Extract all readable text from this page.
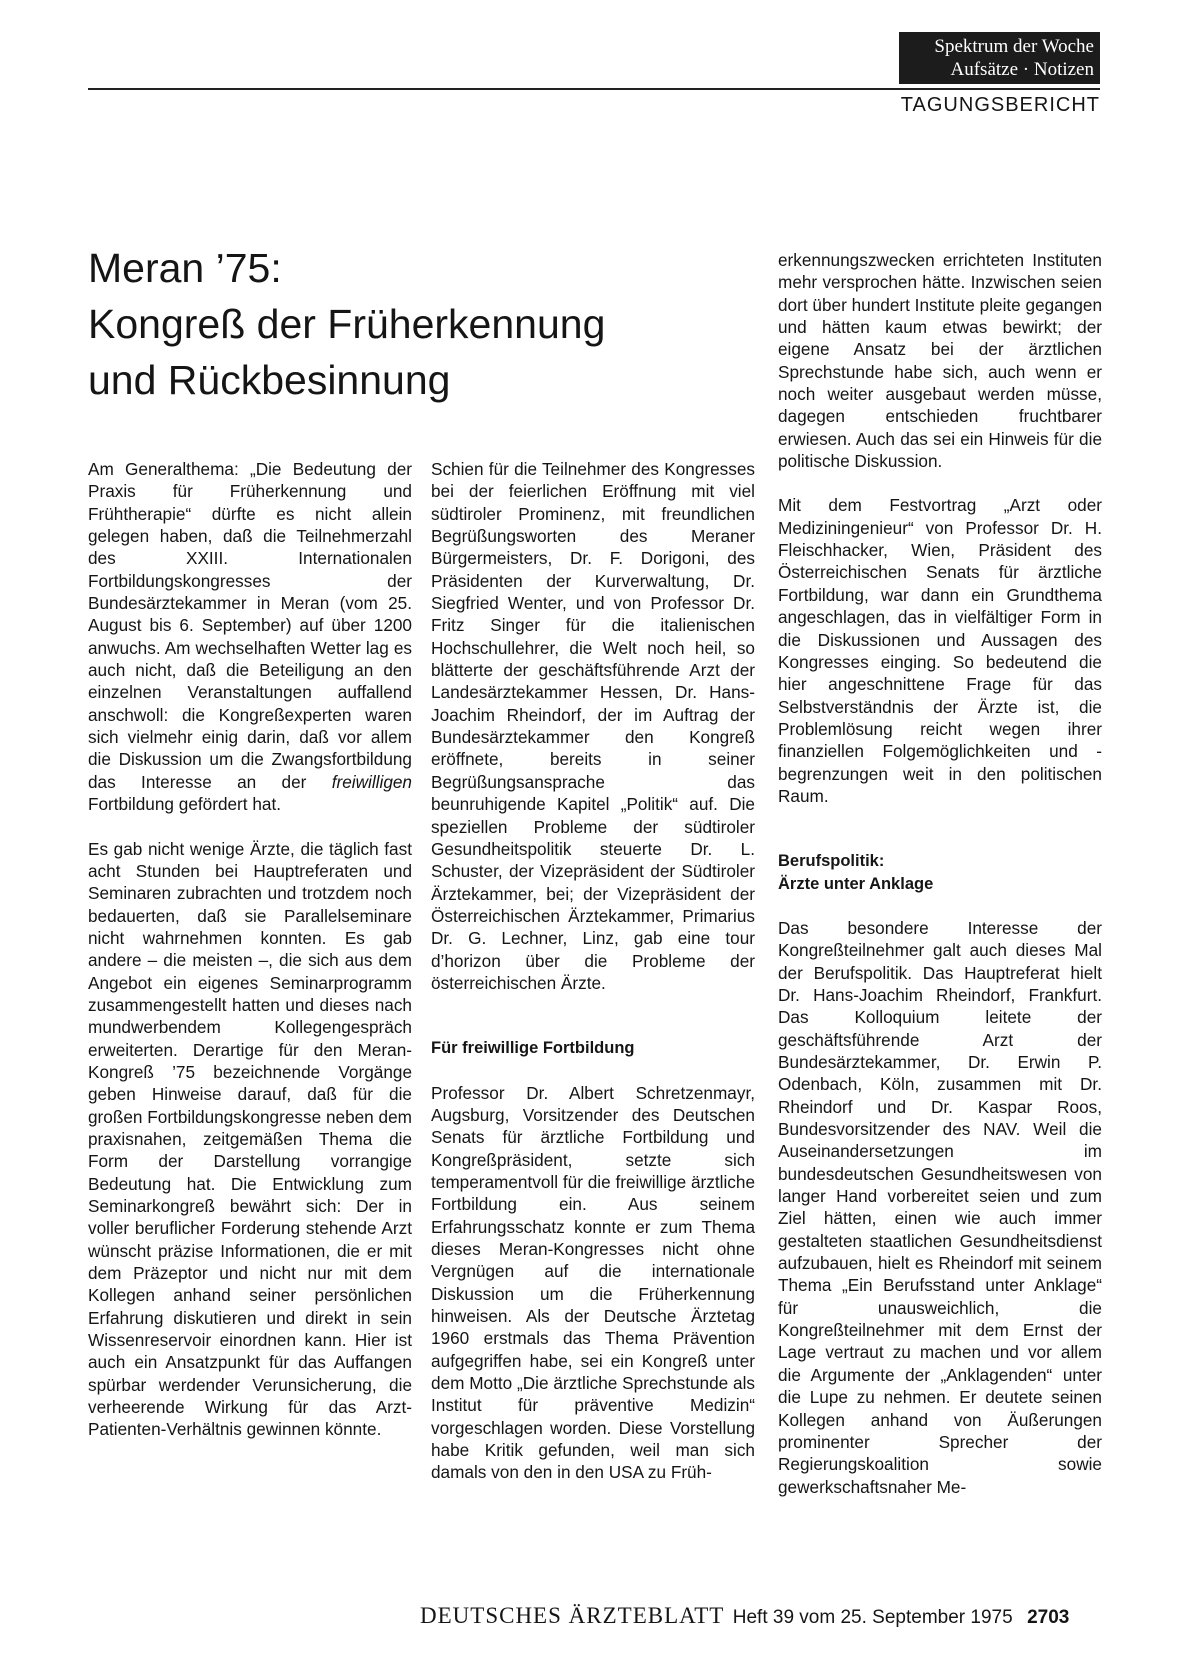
Spektrum der Woche
Aufsätze · Notizen
TAGUNGSBERICHT
Meran ’75:
Kongreß der Früherkennung
und Rückbesinnung

Am Generalthema: „Die Bedeutung der Praxis für Früherkennung und Frühtherapie“ dürfte es nicht allein gelegen haben, daß die Teilnehmerzahl des XXIII. Internationalen Fortbildungskongresses der Bundesärztekammer in Meran (vom 25. August bis 6. September) auf über 1200 anwuchs. Am wechselhaften Wetter lag es auch nicht, daß die Beteiligung an den einzelnen Veranstaltungen auffallend anschwoll: die Kongreßexperten waren sich vielmehr einig darin, daß vor allem die Diskussion um die Zwangsfortbildung das Interesse an der freiwilligen Fortbildung gefördert hat.

Es gab nicht wenige Ärzte, die täglich fast acht Stunden bei Hauptreferaten und Seminaren zubrachten und trotzdem noch bedauerten, daß sie Parallelseminare nicht wahrnehmen konnten. Es gab andere – die meisten –, die sich aus dem Angebot ein eigenes Seminarprogramm zusammengestellt hatten und dieses nach mundwerbendem Kollegengespräch erweiterten. Derartige für den Meran-Kongreß ’75 bezeichnende Vorgänge geben Hinweise darauf, daß für die großen Fortbildungskongresse neben dem praxisnahen, zeitgemäßen Thema die Form der Darstellung vorrangige Bedeutung hat. Die Entwicklung zum Seminarkongreß bewährt sich: Der in voller beruflicher Forderung stehende Arzt wünscht präzise Informationen, die er mit dem Präzeptor und nicht nur mit dem Kollegen anhand seiner persönlichen Erfahrung diskutieren und direkt in sein Wissenreservoir einordnen kann. Hier ist auch ein Ansatzpunkt für das Auffangen spürbar werdender Verunsicherung, die verheerende Wirkung für das Arzt-Patienten-Verhältnis gewinnen könnte.

Schien für die Teilnehmer des Kongresses bei der feierlichen Eröffnung mit viel südtiroler Prominenz, mit freundlichen Begrüßungsworten des Meraner Bürgermeisters, Dr. F. Dorigoni, des Präsidenten der Kurverwaltung, Dr. Siegfried Wenter, und von Professor Dr. Fritz Singer für die italienischen Hochschullehrer, die Welt noch heil, so blätterte der geschäftsführende Arzt der Landesärztekammer Hessen, Dr. Hans-Joachim Rheindorf, der im Auftrag der Bundesärztekammer den Kongreß eröffnete, bereits in seiner Begrüßungsansprache das beunruhigende Kapitel „Politik“ auf. Die speziellen Probleme der südtiroler Gesundheitspolitik steuerte Dr. L. Schuster, der Vizepräsident der Südtiroler Ärztekammer, bei; der Vizepräsident der Österreichischen Ärztekammer, Primarius Dr. G. Lechner, Linz, gab eine tour d’horizon über die Probleme der österreichischen Ärzte.

Für freiwillige Fortbildung

Professor Dr. Albert Schretzenmayr, Augsburg, Vorsitzender des Deutschen Senats für ärztliche Fortbildung und Kongreßpräsident, setzte sich temperamentvoll für die freiwillige ärztliche Fortbildung ein. Aus seinem Erfahrungsschatz konnte er zum Thema dieses Meran-Kongresses nicht ohne Vergnügen auf die internationale Diskussion um die Früherkennung hinweisen. Als der Deutsche Ärztetag 1960 erstmals das Thema Prävention aufgegriffen habe, sei ein Kongreß unter dem Motto „Die ärztliche Sprechstunde als Institut für präventive Medizin“ vorgeschlagen worden. Diese Vorstellung habe Kritik gefunden, weil man sich damals von den in den USA zu Früh-

erkennungszwecken errichteten Instituten mehr versprochen hätte. Inzwischen seien dort über hundert Institute pleite gegangen und hätten kaum etwas bewirkt; der eigene Ansatz bei der ärztlichen Sprechstunde habe sich, auch wenn er noch weiter ausgebaut werden müsse, dagegen entschieden fruchtbarer erwiesen. Auch das sei ein Hinweis für die politische Diskussion.

Mit dem Festvortrag „Arzt oder Mediziningenieur“ von Professor Dr. H. Fleischhacker, Wien, Präsident des Österreichischen Senats für ärztliche Fortbildung, war dann ein Grundthema angeschlagen, das in vielfältiger Form in die Diskussionen und Aussagen des Kongresses einging. So bedeutend die hier angeschnittene Frage für das Selbstverständnis der Ärzte ist, die Problemlösung reicht wegen ihrer finanziellen Folgemöglichkeiten und -begrenzungen weit in den politischen Raum.

Berufspolitik:

Ärzte unter Anklage

Das besondere Interesse der Kongreßteilnehmer galt auch dieses Mal der Berufspolitik. Das Hauptreferat hielt Dr. Hans-Joachim Rheindorf, Frankfurt. Das Kolloquium leitete der geschäftsführende Arzt der Bundesärztekammer, Dr. Erwin P. Odenbach, Köln, zusammen mit Dr. Rheindorf und Dr. Kaspar Roos, Bundesvorsitzender des NAV. Weil die Auseinandersetzungen im bundesdeutschen Gesundheitswesen von langer Hand vorbereitet seien und zum Ziel hätten, einen wie auch immer gestalteten staatlichen Gesundheitsdienst aufzubauen, hielt es Rheindorf mit seinem Thema „Ein Berufsstand unter Anklage“ für unausweichlich, die Kongreßteilnehmer mit dem Ernst der Lage vertraut zu machen und vor allem die Argumente der „Anklagenden“ unter die Lupe zu nehmen. Er deutete seinen Kollegen anhand von Äußerungen prominenter Sprecher der Regierungskoalition sowie gewerkschaftsnaher Me-

DEUTSCHES ÄRZTEBLATT Heft 39 vom 25. September 1975 2703
